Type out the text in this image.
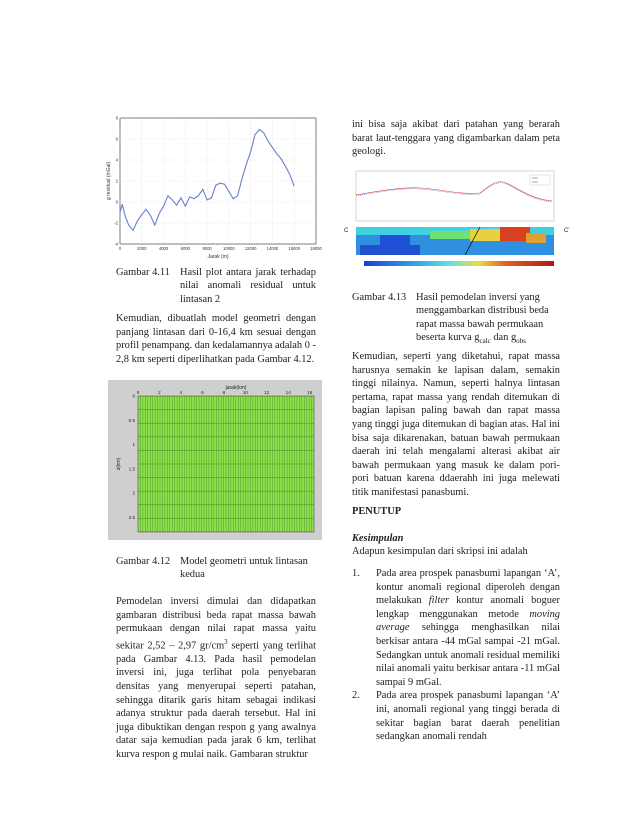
0	2000	4000	6000	8000	10000 12000 14000 16000 18000
-4
-2
0
2
4
6
8
Jarak (m)
g residual (mGal)
Gambar 4.11 Hasil plot antara jarak terhadap nilai anomali residual untuk lintasan 2

Kemudian, dibuatlah model geometri dengan panjang lintasan dari 0-16,4 km sesuai dengan profil penampang. dan kedalamannya adalah 0 - 2,8 km seperti diperlihatkan pada Gambar 4.12.

jarak(km)
0	2	4	6	8	10	12	14	16
0
0.5
1
1.5
2
2.5
z(km)
Gambar 4.12 Model geometri untuk lintasan kedua

Pemodelan inversi dimulai dan didapatkan gambaran distribusi beda rapat massa bawah permukaan dengan nilai rapat massa yaitu sekitar 2,52 – 2,97 $gr/cm^3$ seperti yang terlihat pada Gambar 4.13. Pada hasil pemodelan inversi ini, juga terlihat pola penyebaran densitas yang menyerupai seperti patahan, sehingga ditarik garis hitam sebagai indikasi adanya struktur pada daerah tersebut. Hal ini juga dibuktikan dengan respon g yang awalnya datar saja kemudian pada jarak 6 km, terlihat kurva respon g mulai naik. Gambaran struktur

ini bisa saja akibat dari patahan yang berarah barat laut-tenggara yang digambarkan dalam peta geologi.

C	C'
Gambar 4.13 Hasil pemodelan inversi yang menggambarkan distribusi beda rapat massa bawah permukaan beserta kurva $g_{calc}$ dan $g_{obs}$

Kemudian, seperti yang diketahui, rapat massa harusnya semakin ke lapisan dalam, semakin tinggi nilainya. Namun, seperti halnya lintasan pertama, rapat massa yang rendah ditemukan di bagian lapisan paling bawah dan rapat massa yang tinggi juga ditemukan di bagian atas. Hal ini bisa saja dikarenakan, batuan bawah permukaan daerah ini telah mengalami alterasi akibat air bawah permukaan yang masuk ke dalam pori-pori batuan karena ddaerahh ini juga melewati titik manifestasi panasbumi.

PENUTUP
Kesimpulan

Adapun kesimpulan dari skripsi ini adalah

1.	Pada area prospek panasbumi lapangan ‘A’, kontur anomali regional diperoleh dengan melakukan filter kontur anomali boguer lengkap menggunakan metode moving average sehingga menghasilkan nilai berkisar antara -44 mGal sampai -21 mGal. Sedangkan untuk anomali residual memiliki nilai anomali yaitu berkisar antara -11 mGal sampai 9 mGal.
2.	Pada area prospek panasbumi lapangan ‘A’ ini, anomali regional yang tinggi berada di sekitar bagian barat daerah penelitian sedangkan anomali rendah
